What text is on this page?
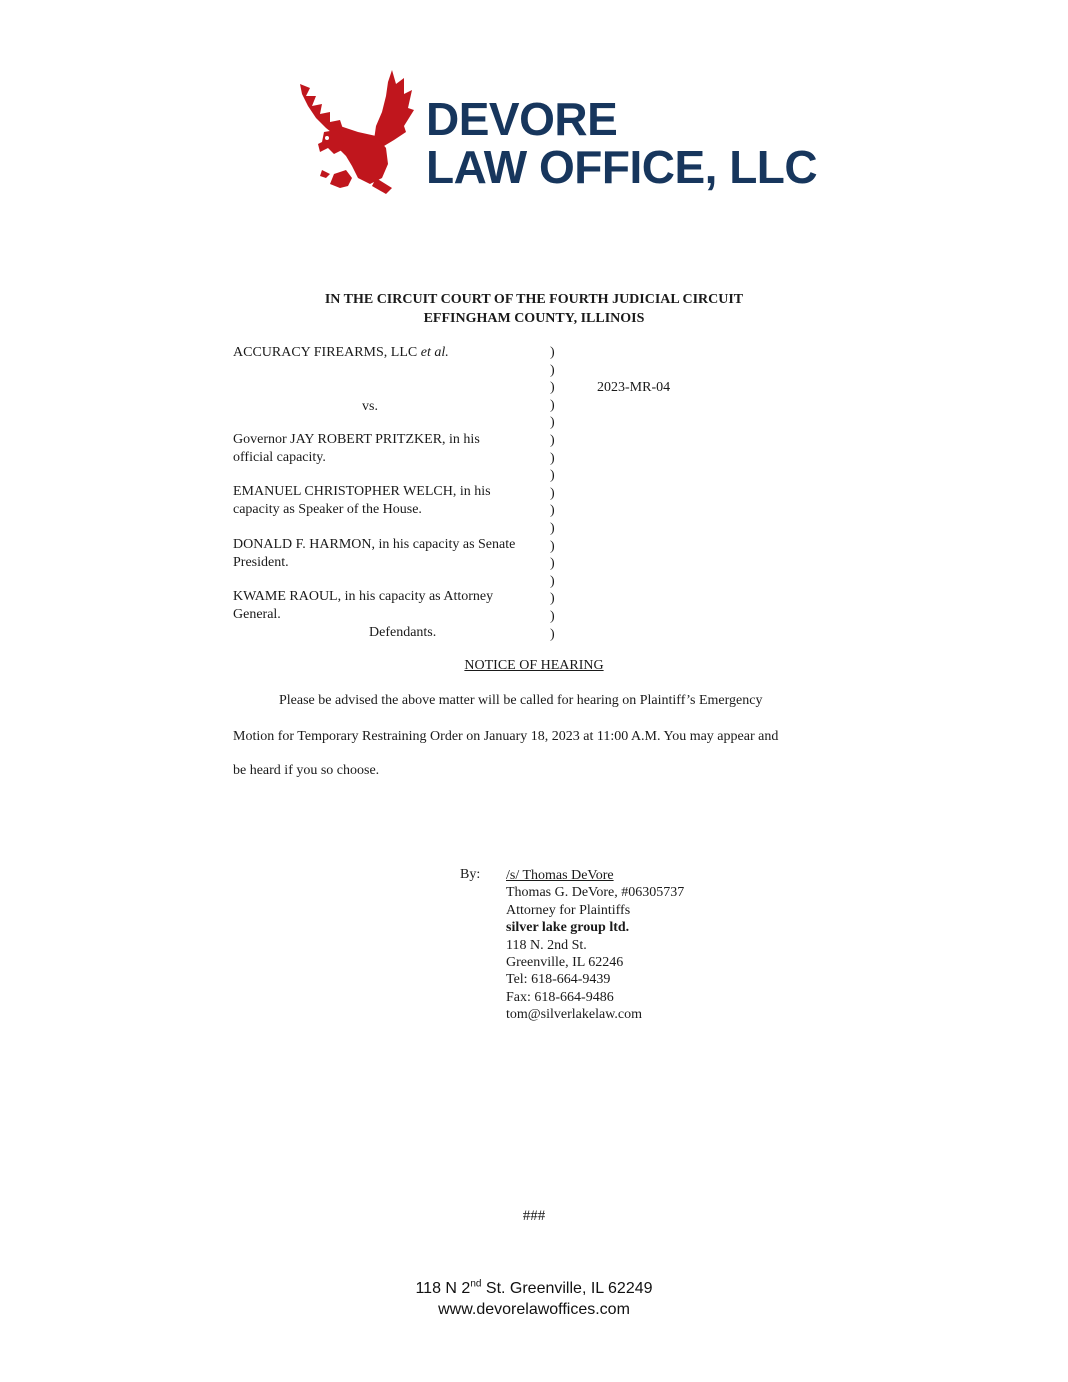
DEVORE
LAW OFFICE, LLC
IN THE CIRCUIT COURT OF THE FOURTH JUDICIAL CIRCUIT
EFFINGHAM COUNTY, ILLINOIS
ACCURACY FIREARMS, LLC et al.
vs.
Governor JAY ROBERT PRITZKER, in his
official capacity.
EMANUEL CHRISTOPHER WELCH, in his
capacity as Speaker of the House.
DONALD F. HARMON, in his capacity as Senate
President.
KWAME RAOUL, in his capacity as Attorney
General.
Defendants.
)
)
)
)
)
)
)
)
)
)
)
)
)
)
)
)
)
2023-MR-04
NOTICE OF HEARING
Please be advised the above matter will be called for hearing on Plaintiff’s Emergency
Motion for Temporary Restraining Order on January 18, 2023 at 11:00 A.M. You may appear and
be heard if you so choose.
By: /s/ Thomas DeVore
Thomas G. DeVore, #06305737
Attorney for Plaintiffs
silver lake group ltd.
118 N. 2nd St.
Greenville, IL 62246
Tel: 618-664-9439
Fax: 618-664-9486
tom@silverlakelaw.com
###
118 N 2nd St. Greenville, IL 62249
www.devorelawoffices.com
